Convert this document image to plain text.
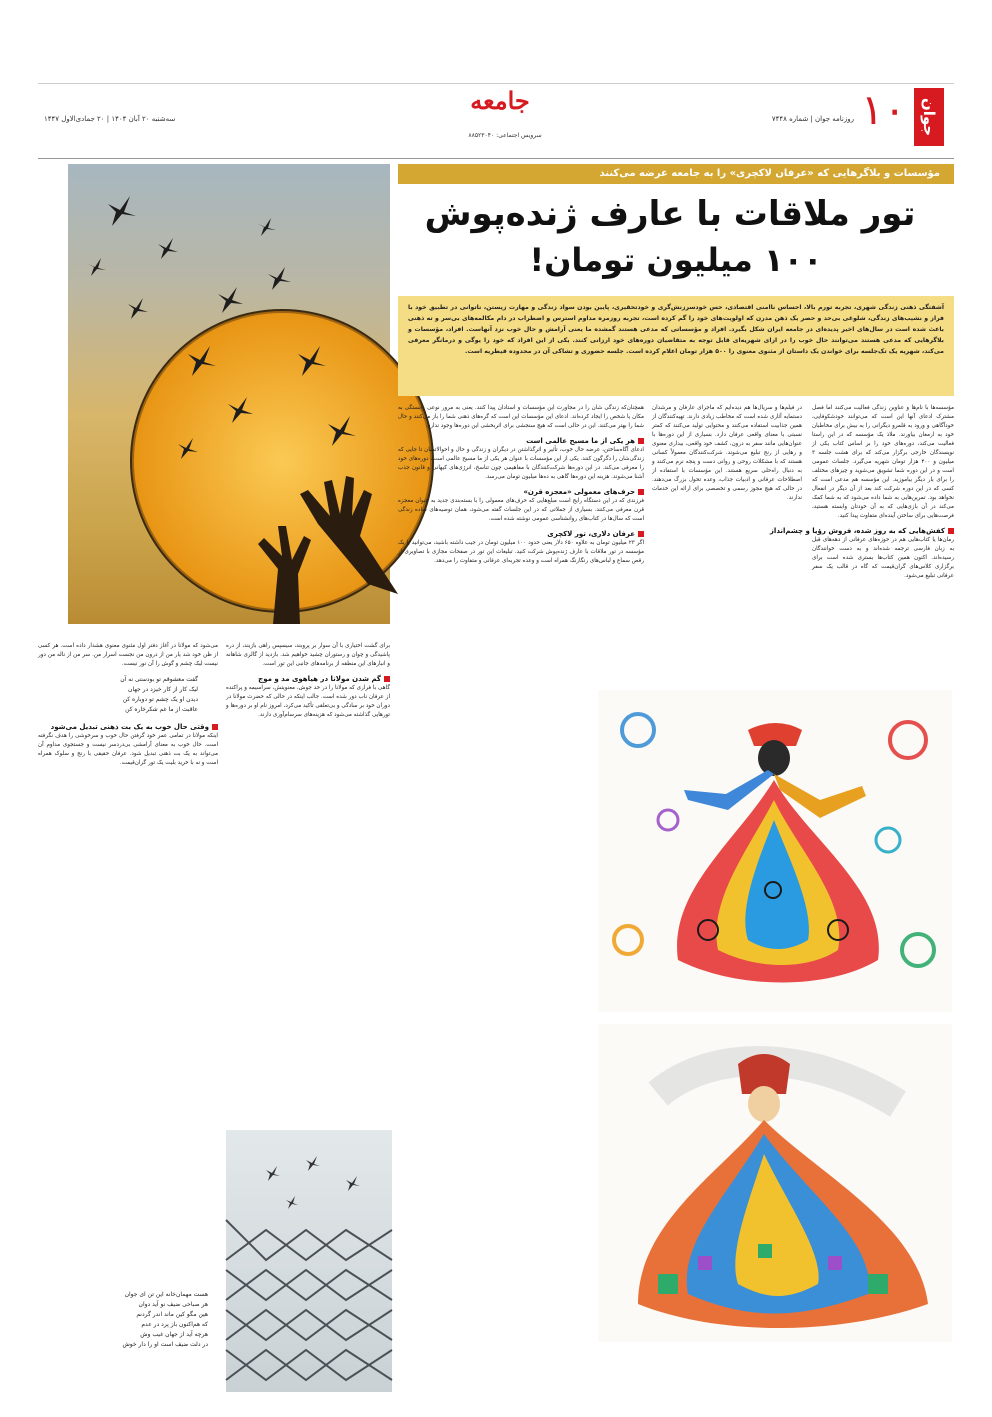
جوان
۱۰
روزنامه جوان | شماره ۷۴۴۸
جامعه
سرویس اجتماعی: ۸۸۵۲۳۰۴۰
سه‌شنبه ۲۰ آبان ۱۴۰۴ | ۲۰ جمادی‌الاول ۱۴۴۷
مؤسسات و بلاگرهایی که «عرفان لاکچری» را به جامعه عرضه می‌کنند
تور ملاقات با عارف ژنده‌پوش
۱۰۰ میلیون تومان!
آشفتگی ذهنی زندگی شهری، تجربه تورم بالا، احساس ناامنی اقتصادی، حس خودسرزنش‌گری و خودتحقیری، پایین بودن سواد زندگی و مهارت زیستن، ناتوانی در تطبیق خود با فراز و نشیب‌های زندگی، شلوغی بی‌حد و حصر یک ذهن مدرن که اولویت‌های خود را گم کرده است، تجربه روزمره مداوم استرس و اضطراب در دام مکالمه‌های بی‌سر و ته ذهنی باعث شده است در سال‌های اخیر پدیده‌ای در جامعه ایران شکل بگیرد. افراد و مؤسساتی که مدعی هستند گمشده ما یعنی آرامش و حال خوب نزد آنهاست. افراد، مؤسسات و بلاگرهایی که مدعی هستند می‌توانند حال خوب را در ازای شهریه‌ای قابل توجه به متقاضیان دوره‌های خود ارزانی کنند. یکی از این افراد که خود را یوگی و درمانگر معرفی می‌کند، شهریه یک تک‌جلسه برای خواندن یک داستان از مثنوی معنوی را ۵۰۰ هزار تومان اعلام کرده است. جلسه حضوری و تشاکی آن در محدوده قیطریه است.
مؤسسه‌ها با نام‌ها و عناوین زندگی فعالیت می‌کنند اما فصل مشترک ادعای آنها این است که می‌توانند خودشکوفایی، خودآگاهی و ورود به قلمرو دیگرانی را به بیش برای مخاطبان خود به ارمغان بیاورند. ملاذ یک مؤسسه که در این راستا فعالیت می‌کند، دوره‌های خود را بر اساس کتاب یکی از نویسندگان خارجی برگزار می‌کند که برای هشت جلسه ۳ میلیون و ۴۰۰ هزار تومان شهریه می‌گیرد. جلسات عمومی است و در این دوره شما تشویق می‌شوید و چیزهای مختلف را برای بار دیگر بیاموزید. این مؤسسه هم مدعی است که کسی که در این دوره شرکت کند بعد از آن دیگر در انفعال نخواهد بود. تمرین‌هایی به شما داده می‌شود که به شما کمک می‌کند در آن بازی‌هایی که به آن خودتان وابسته هستید، فرصت‌هایی برای ساختن آینده‌ای متفاوت پیدا کنید.
کفش‌هایی که به روز شده، فروش رؤیا و چشم‌انداز
رمان‌ها یا کتاب‌هایی هم در حوزه‌های عرفانی از دهه‌های قبل به زبان فارسی ترجمه شده‌اند و به دست خوانندگان رسیده‌اند. اکنون همین کتاب‌ها بستری شده است برای برگزاری کلاس‌های گران‌قیمت که گاه در قالب یک سفر عرفانی تبلیغ می‌شود.
در فیلم‌ها و سریال‌ها هم دیده‌ایم که ماجرای عارفان و مرشدان دستمایه آثاری شده است که مخاطب زیادی دارند. تهیه‌کنندگان از همین جذابیت استفاده می‌کنند و محتوایی تولید می‌کنند که کمتر نسبتی با معنای واقعی عرفان دارد. بسیاری از این دوره‌ها با عنوان‌هایی مانند سفر به درون، کشف خود واقعی، بیداری معنوی و رهایی از رنج تبلیغ می‌شوند. شرکت‌کنندگان معمولاً کسانی هستند که با مشکلات روحی و روانی دست و پنجه نرم می‌کنند و به دنبال راه‌حلی سریع هستند. این مؤسسات با استفاده از اصطلاحات عرفانی و ادبیات جذاب، وعده تحول بزرگ می‌دهند. در حالی که هیچ مجوز رسمی و تخصصی برای ارائه این خدمات ندارند.
همچنان‌که زندگی شان را در مجاورت این مؤسسات و استادان پیدا کنند. یعنی به مرور نوعی وابستگی به مکان یا شخص را ایجاد کرده‌اند. ادعای این مؤسسات این است که گره‌های ذهنی شما را باز می‌کنند و حال شما را بهتر می‌کنند. این در حالی است که هیچ سنجشی برای اثربخشی این دوره‌ها وجود ندارد.
هر یکی از ما مسیح عالمی است
ادعای آگاه‌ساختن، عرضه حال خوب، تأثیر و اثرگذاشتن در دیگران و زندگی و حال و احوالاتشان تا جایی که زندگی‌شان را دگرگون کنند. یکی از این مؤسسات با عنوان هر یکی از ما مسیح عالمی است، دوره‌های خود را معرفی می‌کند. در این دوره‌ها شرکت‌کنندگان با مفاهیمی چون تناسخ، انرژی‌های کیهانی و قانون جذب آشنا می‌شوند. هزینه این دوره‌ها گاهی به ده‌ها میلیون تومان می‌رسد.
حرف‌های معمولی «معجزه قرن»
فرزندی که در این دستگاه رایج است مبلغ‌هایی که حرف‌های معمولی را با بسته‌بندی جدید به عنوان معجزه قرن معرفی می‌کنند. بسیاری از جملاتی که در این جلسات گفته می‌شود، همان توصیه‌های ساده زندگی است که سال‌ها در کتاب‌های روانشناسی عمومی نوشته شده است.
عرفان دلاری، تور لاکچری
اگر ۲۳ میلیون تومان به علاوه ۶۵۰ دلار یعنی حدود ۱۰۰ میلیون تومان در جیب داشته باشید، می‌توانید با یک مؤسسه در تور ملاقات با عارف ژنده‌پوش شرکت کنید. تبلیغات این تور در صفحات مجازی با تصاویری از رقص سماع و لباس‌های رنگارنگ همراه است و وعده تجربه‌ای عرفانی و متفاوت را می‌دهد.
برای گشت اختیاری با آن سوار بر پروبند، سیسپس راهی بازیند، از دره پاشیدگی و چوان و رستوران چشید خواهیم شد. بازدید از گالری شاهانه و انبارهای این منطقه از برنامه‌های جانبی این تور است.
گم شدن مولانا در هیاهوی مد و موج
گاهی با فراری که مولانا را در حد جوش، معنویتش، سراسیمه و پراکنده از عرفان ناب دور شده است. جالب اینکه در حالی که حضرت مولانا در دوران خود بر سادگی و بی‌تعلقی تأکید می‌کرد، امروز نام او بر دوره‌ها و تورهایی گذاشته می‌شود که هزینه‌های سرسام‌آوری دارند.
می‌شود که مولانا در آغاز دفتر اول مثنوی معنوی هشدار داده است. هر کسی از ظن خود شد یار من از درون من نجست اسرار من. سر من از ناله من دور نیست لیک چشم و گوش را آن نور نیست.
گفت معشوقم تو بودستی نه آن
لیک کار از کار خیزد در جهان
دیدن او یک چشم تو دوباره کن
عاقبت از ما غم شکرخاره کن
وقتی حال خوب به یک بت ذهنی تبدیل می‌شود
اینکه مولانا در تمامی عمر خود گرفتن حال خوب و سرخوشی را هدف نگرفته است. حال خوب به معنای آرامشی بی‌دردسر نیست و جستجوی مداوم آن می‌تواند به یک بت ذهنی تبدیل شود. عرفان حقیقی با رنج و سلوک همراه است و نه با خرید بلیت یک تور گران‌قیمت.
هست مهمان‌خانه این تن ای جوان
هر صباحی ضیف نو آید دوان
هین مگو کین ماند اندر گردنم
که هم‌اکنون باز پرد در عدم
هرچه آید از جهان غیب وش
در دلت ضیف است او را دار خوش
